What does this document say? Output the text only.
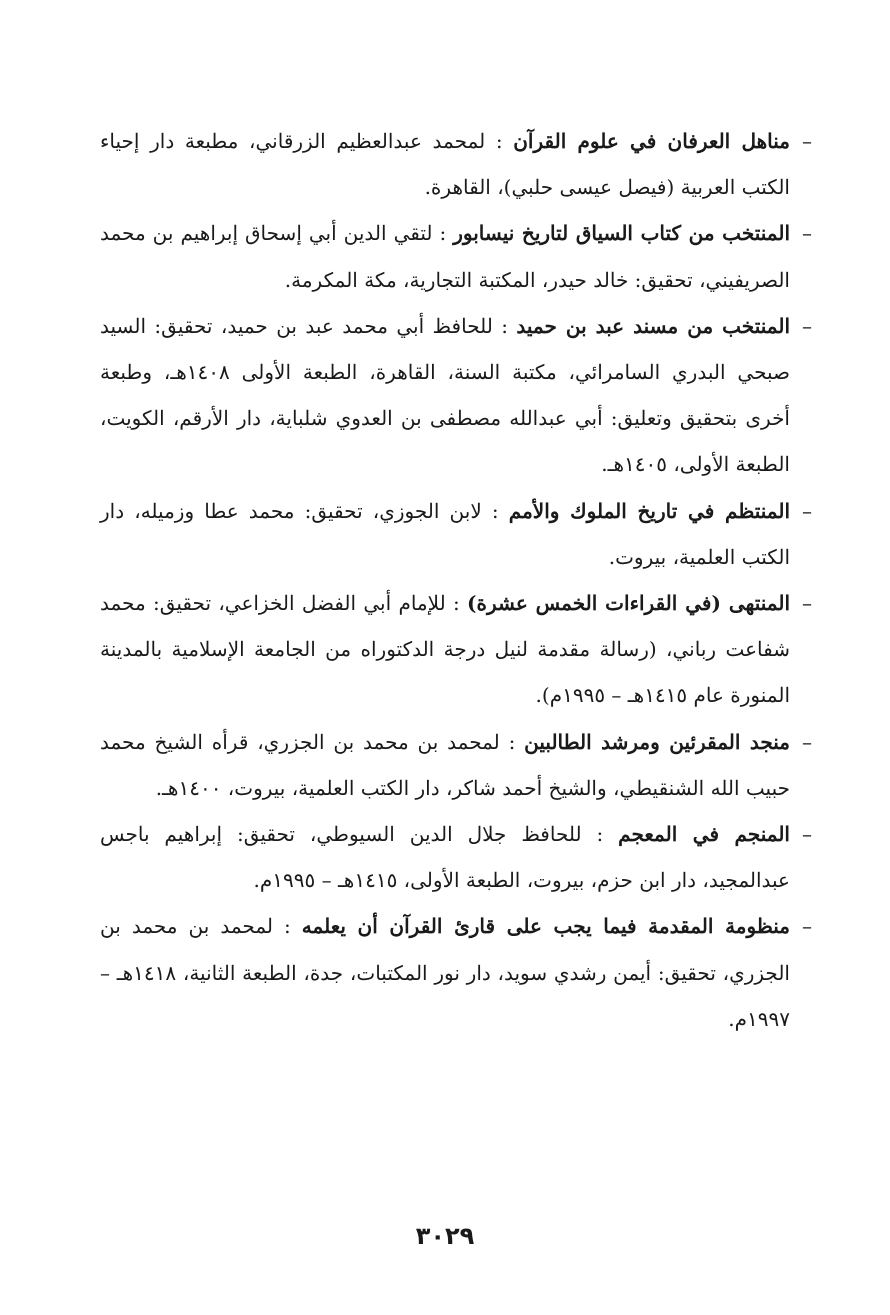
–
مناهل العرفان في علوم القرآن : لمحمد عبدالعظيم الزرقاني، مطبعة دار إحياء الكتب العربية (فيصل عيسى حلبي)، القاهرة.

–
المنتخب من كتاب السياق لتاريخ نيسابور : لتقي الدين أبي إسحاق إبراهيم بن محمد الصريفيني، تحقيق: خالد حيدر، المكتبة التجارية، مكة المكرمة.

–
المنتخب من مسند عبد بن حميد : للحافظ أبي محمد عبد بن حميد، تحقيق: السيد صبحي البدري السامرائي، مكتبة السنة، القاهرة، الطبعة الأولى ١٤٠٨هـ، وطبعة أخرى بتحقيق وتعليق: أبي عبدالله مصطفى بن العدوي شلباية، دار الأرقم، الكويت، الطبعة الأولى، ١٤٠٥هـ.

–
المنتظم في تاريخ الملوك والأمم : لابن الجوزي، تحقيق: محمد عطا وزميله، دار الكتب العلمية، بيروت.

–
المنتهى (في القراءات الخمس عشرة) : للإمام أبي الفضل الخزاعي، تحقيق: محمد شفاعت رباني، (رسالة مقدمة لنيل درجة الدكتوراه من الجامعة الإسلامية بالمدينة المنورة عام ١٤١٥هـ – ١٩٩٥م).

–
منجد المقرئين ومرشد الطالبين : لمحمد بن محمد بن الجزري، قرأه الشيخ محمد حبيب الله الشنقيطي، والشيخ أحمد شاكر، دار الكتب العلمية، بيروت، ١٤٠٠هـ.

–
المنجم في المعجم : للحافظ جلال الدين السيوطي، تحقيق: إبراهيم باجس عبدالمجيد، دار ابن حزم، بيروت، الطبعة الأولى، ١٤١٥هـ – ١٩٩٥م.

–
منظومة المقدمة فيما يجب على قارئ القرآن أن يعلمه : لمحمد بن محمد بن الجزري، تحقيق: أيمن رشدي سويد، دار نور المكتبات، جدة، الطبعة الثانية، ١٤١٨هـ – ١٩٩٧م.

٣٠٢٩
